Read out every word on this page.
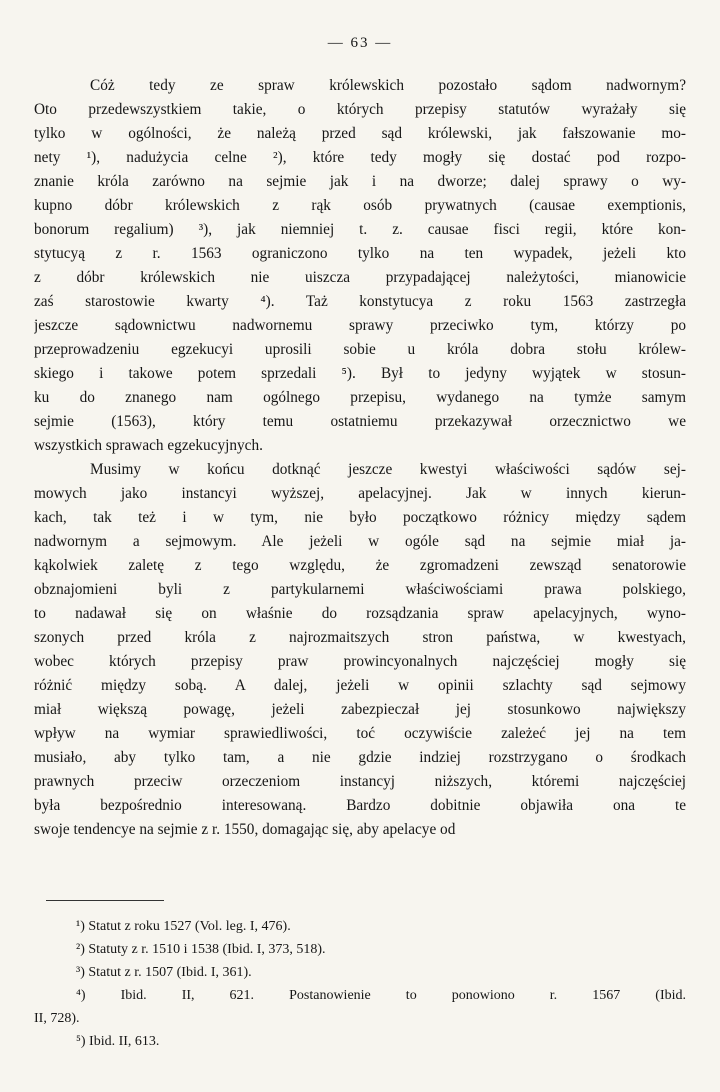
— 63 —
Cóż tedy ze spraw królewskich pozostało sądom nadwornym?
Oto przedewszystkiem takie, o których przepisy statutów wyrażały się
tylko w ogólności, że należą przed sąd królewski, jak fałszowanie mo-
nety ¹), nadużycia celne ²), które tedy mogły się dostać pod rozpo-
znanie króla zarówno na sejmie jak i na dworze; dalej sprawy o wy-
kupno dóbr królewskich z rąk osób prywatnych (causae exemptionis,
bonorum regalium) ³), jak niemniej t. z. causae fisci regii, które kon-
stytucyą z r. 1563 ograniczono tylko na ten wypadek, jeżeli kto
z dóbr królewskich nie uiszcza przypadającej należytości, mianowicie
zaś starostowie kwarty ⁴). Taż konstytucya z roku 1563 zastrzegła
jeszcze sądownictwu nadwornemu sprawy przeciwko tym, którzy po
przeprowadzeniu egzekucyi uprosili sobie u króla dobra stołu królew-
skiego i takowe potem sprzedali ⁵). Był to jedyny wyjątek w stosun-
ku do znanego nam ogólnego przepisu, wydanego na tymże samym
sejmie (1563), który temu ostatniemu przekazywał orzecznictwo we
wszystkich sprawach egzekucyjnych.
Musimy w końcu dotknąć jeszcze kwestyi właściwości sądów sej-
mowych jako instancyi wyższej, apelacyjnej. Jak w innych kierun-
kach, tak też i w tym, nie było początkowo różnicy między sądem
nadwornym a sejmowym. Ale jeżeli w ogóle sąd na sejmie miał ja-
kąkolwiek zaletę z tego względu, że zgromadzeni zewsząd senatorowie
obznajomieni byli z partykularnemi właściwościami prawa polskiego,
to nadawał się on właśnie do rozsądzania spraw apelacyjnych, wyno-
szonych przed króla z najrozmaitszych stron państwa, w kwestyach,
wobec których przepisy praw prowincyonalnych najczęściej mogły się
różnić między sobą. A dalej, jeżeli w opinii szlachty sąd sejmowy
miał większą powagę, jeżeli zabezpieczał jej stosunkowo największy
wpływ na wymiar sprawiedliwości, toć oczywiście zależeć jej na tem
musiało, aby tylko tam, a nie gdzie indziej rozstrzygano o środkach
prawnych przeciw orzeczeniom instancyj niższych, któremi najczęściej
była bezpośrednio interesowaną. Bardzo dobitnie objawiła ona te
swoje tendencye na sejmie z r. 1550, domagając się, aby apelacye od
¹) Statut z roku 1527 (Vol. leg. I, 476).
²) Statuty z r. 1510 i 1538 (Ibid. I, 373, 518).
³) Statut z r. 1507 (Ibid. I, 361).
⁴) Ibid. II, 621. Postanowienie to ponowiono r. 1567 (Ibid.
II, 728).
⁵) Ibid. II, 613.
